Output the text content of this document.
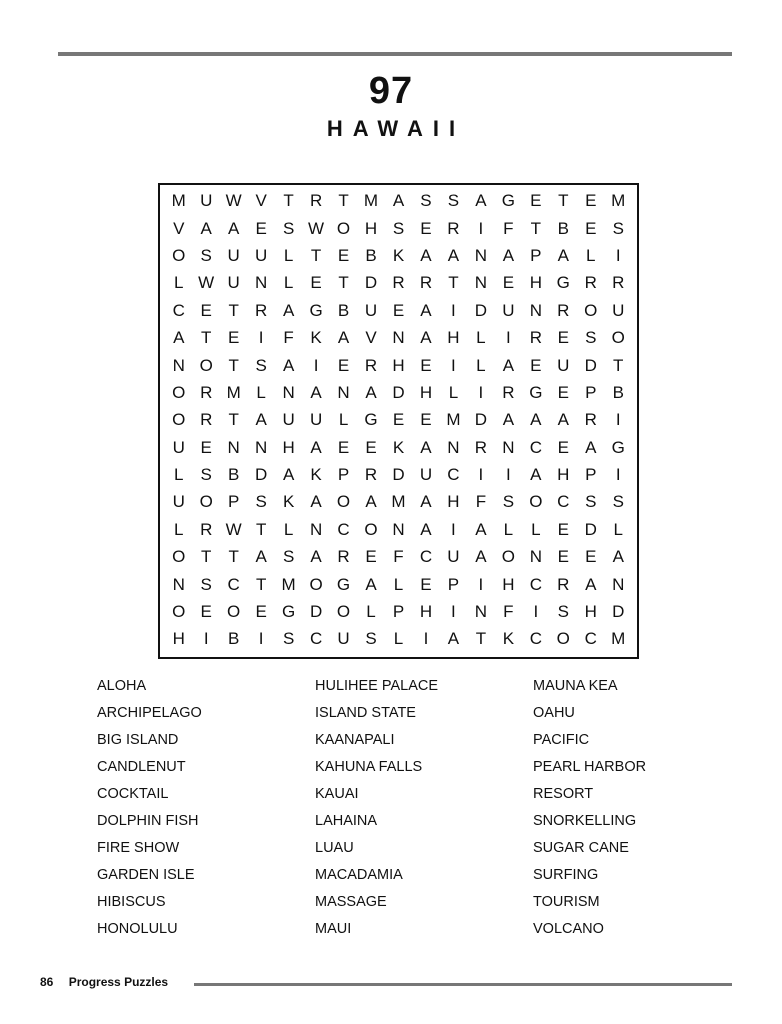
97
HAWAII
M U W V T R T M A S S A G E T E M
V A A E S W O H S E R	I	F	T B E S
O S U U L	T E B K A A N A P A	L	I
L W U N L	E T D R R T N E H G R R
C E T R A G B U E A	I	D U N R O U
A T E	I	F K A V N A H L	I	R E S O
N O T S A	I	E R H E	I	L	A E U D T
O R M L N A N A D H L	I	R G E P B
O R T A U U L G E E M D A A A R	I
U E N N H A E E K A N R N C E A G
L	S B D A K P R D U C	I	I	A H P	I
U O P S K A O A M A H F S O C S S
L R W T	L N C O N A	I	A	L	L	E D L
O T	T A S A R E F C U A O N E E A
N S C T M O G A	L	E P	I	H C R A N
O E O E G D O L	P H	I	N F	I	S H D
H	I	B	I	S C U S	L	I	A T K C O C M
ALOHA
ARCHIPELAGO
BIG ISLAND
CANDLENUT
COCKTAIL
DOLPHIN FISH
FIRE SHOW
GARDEN ISLE
HIBISCUS
HONOLULU
HULIHEE PALACE
ISLAND STATE
KAANAPALI
KAHUNA FALLS
KAUAI
LAHAINA
LUAU
MACADAMIA
MASSAGE
MAUI
MAUNA KEA
OAHU
PACIFIC
PEARL HARBOR
RESORT
SNORKELLING
SUGAR CANE
SURFING
TOURISM
VOLCANO
86 Progress Puzzles
